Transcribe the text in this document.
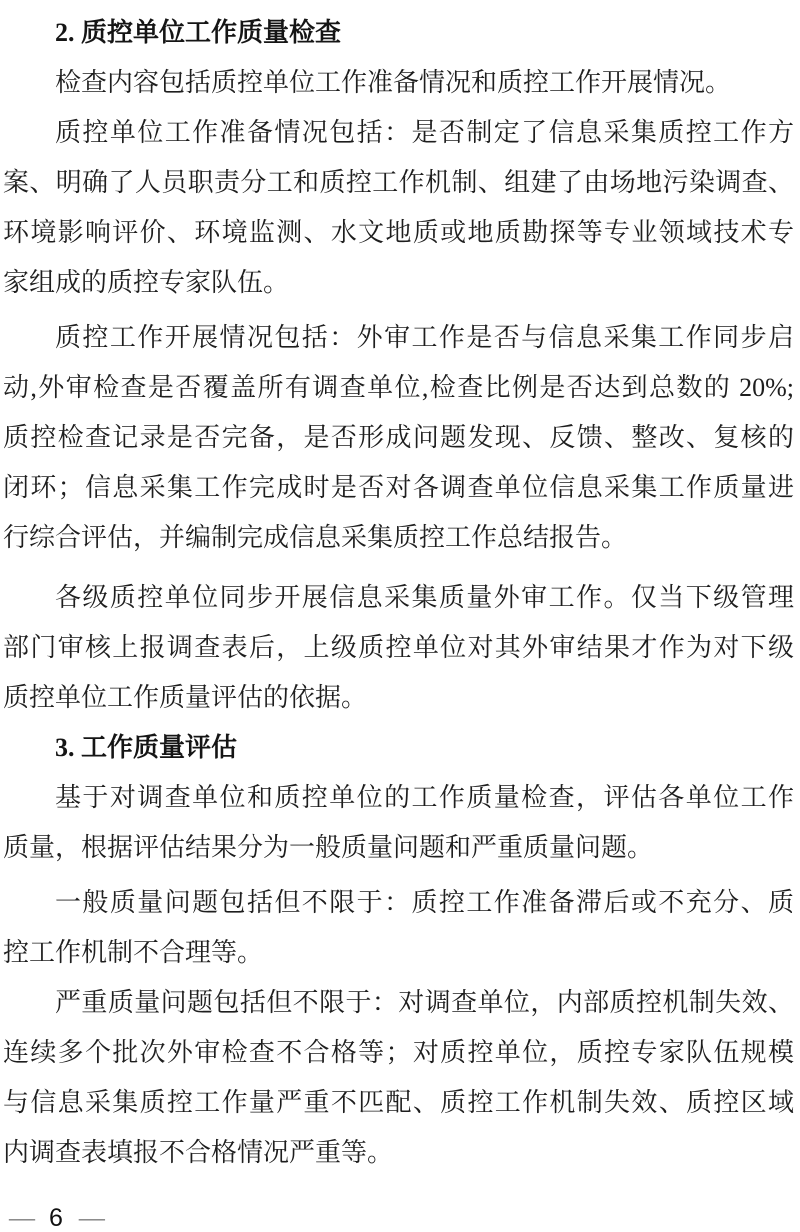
2. 质控单位工作质量检查
检查内容包括质控单位工作准备情况和质控工作开展情况。
质控单位工作准备情况包括：是否制定了信息采集质控工作方
案、明确了人员职责分工和质控工作机制、组建了由场地污染调查、
环境影响评价、环境监测、水文地质或地质勘探等专业领域技术专
家组成的质控专家队伍。
质控工作开展情况包括：外审工作是否与信息采集工作同步启
动,外审检查是否覆盖所有调查单位,检查比例是否达到总数的 20%;
质控检查记录是否完备，是否形成问题发现、反馈、整改、复核的
闭环；信息采集工作完成时是否对各调查单位信息采集工作质量进
行综合评估，并编制完成信息采集质控工作总结报告。
各级质控单位同步开展信息采集质量外审工作。仅当下级管理
部门审核上报调查表后，上级质控单位对其外审结果才作为对下级
质控单位工作质量评估的依据。
3. 工作质量评估
基于对调查单位和质控单位的工作质量检查，评估各单位工作
质量，根据评估结果分为一般质量问题和严重质量问题。
一般质量问题包括但不限于：质控工作准备滞后或不充分、质
控工作机制不合理等。
严重质量问题包括但不限于：对调查单位，内部质控机制失效、
连续多个批次外审检查不合格等；对质控单位，质控专家队伍规模
与信息采集质控工作量严重不匹配、质控工作机制失效、质控区域
内调查表填报不合格情况严重等。
— 6 —
